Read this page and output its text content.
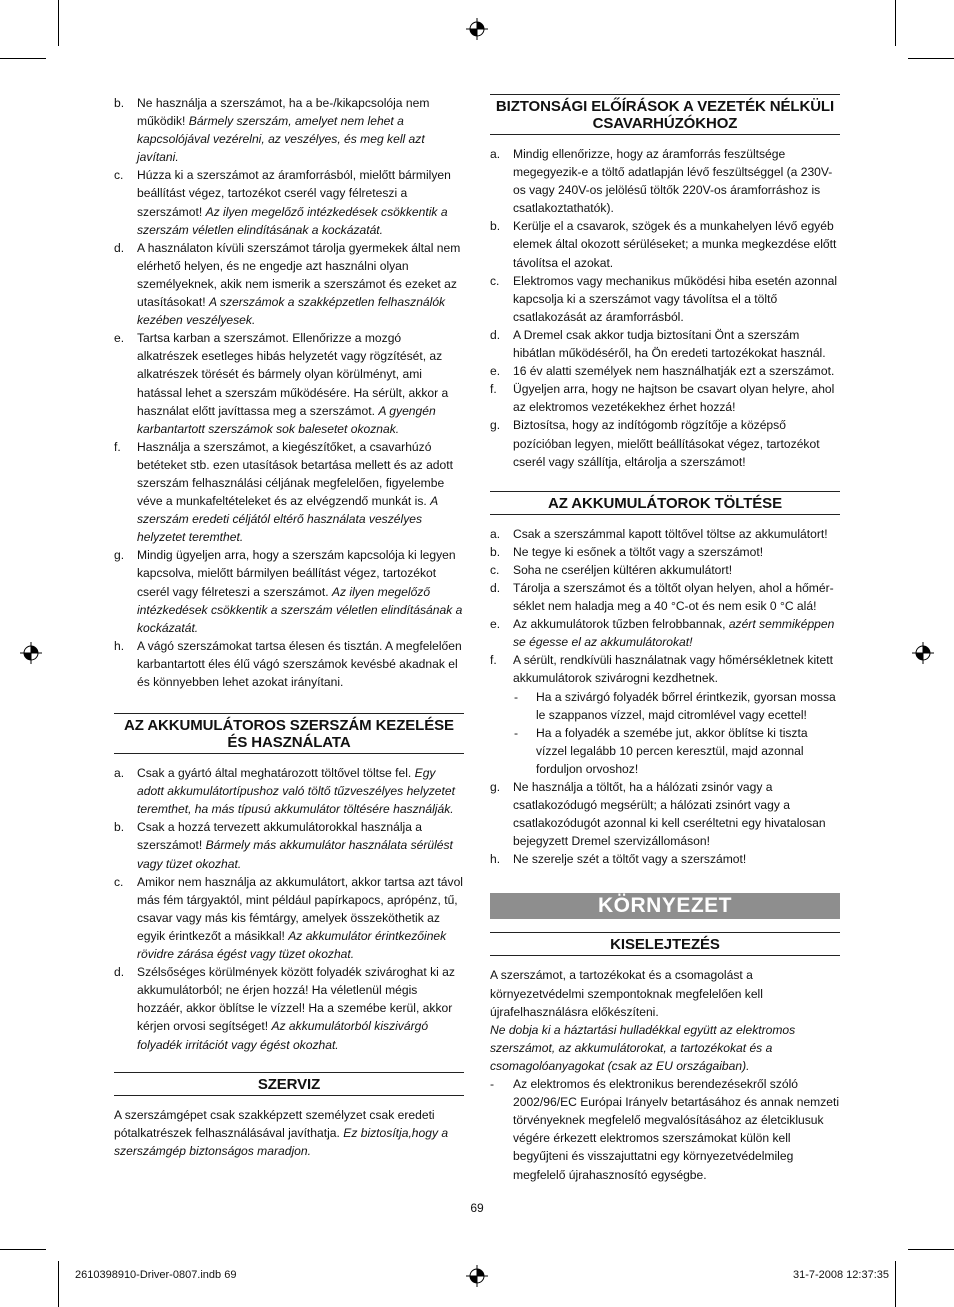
b. Ne használja a szerszámot, ha a be-/kikapcsolója nem működik! Bármely szerszám, amelyet nem lehet a kapcsolójával vezérelni, az veszélyes, és meg kell azt javítani.
c. Húzza ki a szerszámot az áramforrásból, mielőtt bármilyen beállítást végez, tartozékot cserél vagy félreteszi a szerszámot! Az ilyen megelőző intézkedések csökkentik a szerszám véletlen elindításának a kockázatát.
d. A használaton kívüli szerszámot tárolja gyermekek által nem elérhető helyen, és ne engedje azt használni olyan személyeknek, akik nem ismerik a szerszámot és ezeket az utasításokat! A szerszámok a szakképzetlen felhasználók kezében veszélyesek.
e. Tartsa karban a szerszámot. Ellenőrizze a mozgó alkatrészek esetleges hibás helyzetét vagy rögzítését, az alkatrészek törését és bármely olyan körülményt, ami hatással lehet a szerszám működésére. Ha sérült, akkor a használat előtt javíttassa meg a szerszámot. A gyengén karbantartott szerszámok sok balesetet okoznak.
f. Használja a szerszámot, a kiegészítőket, a csavarhúzó betéteket stb. ezen utasítások betartása mellett és az adott szerszám felhasználási céljának megfelelően, figyelembe véve a munkafeltételeket és az elvégzendő munkát is. A szerszám eredeti céljától eltérő használata veszélyes helyzetet teremthet.
g. Mindig ügyeljen arra, hogy a szerszám kapcsolója ki legyen kapcsolva, mielőtt bármilyen beállítást végez, tartozékot cserél vagy félreteszi a szerszámot. Az ilyen megelőző intézkedések csökkentik a szerszám véletlen elindításának a kockázatát.
h. A vágó szerszámokat tartsa élesen és tisztán. A megfelelően karbantartott éles élű vágó szerszámok kevésbé akadnak el és könnyebben lehet azokat irányítani.
AZ AKKUMULÁTOROS SZERSZÁM KEZELÉSE ÉS HASZNÁLATA
a. Csak a gyártó által meghatározott töltővel töltse fel. Egy adott akkumulátortípushoz való töltő tűzveszélyes helyzetet teremthet, ha más típusú akkumulátor töltésére használják.
b. Csak a hozzá tervezett akkumulátorokkal használja a szerszámot! Bármely más akkumulátor használata sérülést vagy tüzet okozhat.
c. Amikor nem használja az akkumulátort, akkor tartsa azt távol más fém tárgyaktól, mint például papírkapocs, aprópénz, tű, csavar vagy más kis fémtárgy, amelyek összeköthetik az egyik érintkezőt a másikkal! Az akkumulátor érintkezőinek rövidre zárása égést vagy tüzet okozhat.
d. Szélsőséges körülmények között folyadék szivároghat ki az akkumulátorból; ne érjen hozzá! Ha véletlenül mégis hozzáér, akkor öblítse le vízzel! Ha a szemébe kerül, akkor kérjen orvosi segítséget! Az akkumulátorból kiszivárgó folyadék irritációt vagy égést okozhat.
SZERVIZ

A szerszámgépet csak szakképzett személyzet csak eredeti pótalkatrészek felhasználásával javíthatja. Ez biztosítja,hogy a szerszámgép biztonságos maradjon.

BIZTONSÁGI ELŐÍRÁSOK A VEZETÉK NÉLKÜLI CSAVARHÚZÓKHOZ
a. Mindig ellenőrizze, hogy az áramforrás feszültsége megegyezik-e a töltő adatlapján lévő feszültséggel (a 230V-os vagy 240V-os jelölésű töltők 220V-os áramforráshoz is csatlakoztathatók).
b. Kerülje el a csavarok, szögek és a munkahelyen lévő egyéb elemek által okozott sérüléseket; a munka megkezdése előtt távolítsa el azokat.
c. Elektromos vagy mechanikus működési hiba esetén azonnal kapcsolja ki a szerszámot vagy távolítsa el a töltő csatlakozását az áramforrásból.
d. A Dremel csak akkor tudja biztosítani Önt a szerszám hibátlan működéséről, ha Ön eredeti tartozékokat használ.
e. 16 év alatti személyek nem használhatják ezt a szerszámot.
f. Ügyeljen arra, hogy ne hajtson be csavart olyan helyre, ahol az elektromos vezetékekhez érhet hozzá!
g. Biztosítsa, hogy az indítógomb rögzítője a középső pozícióban legyen, mielőtt beállításokat végez, tartozékot cserél vagy szállítja, eltárolja a szerszámot!
AZ AKKUMULÁTOROK TÖLTÉSE
a. Csak a szerszámmal kapott töltővel töltse az akkumulátort!
b. Ne tegye ki esőnek a töltőt vagy a szerszámot!
c. Soha ne cseréljen kültéren akkumulátort!
d. Tárolja a szerszámot és a töltőt olyan helyen, ahol a hőmér-séklet nem haladja meg a 40 °C-ot és nem esik 0 °C alá!
e. Az akkumulátorok tűzben felrobbannak, azért semmiképpen se égesse el az akkumulátorokat!
f. A sérült, rendkívüli használatnak vagy hőmérsékletnek kitett akkumulátorok szivárogni kezdhetnek.
- Ha a szivárgó folyadék bőrrel érintkezik, gyorsan mossa le szappanos vízzel, majd citromlével vagy ecettel!
- Ha a folyadék a szemébe jut, akkor öblítse ki tiszta vízzel legalább 10 percen keresztül, majd azonnal forduljon orvoshoz!
g. Ne használja a töltőt, ha a hálózati zsinór vagy a csatlakozódugó megsérült; a hálózati zsinórt vagy a csatlakozódugót azonnal ki kell cseréltetni egy hivatalosan bejegyzett Dremel szervizállomáson!
h. Ne szerelje szét a töltőt vagy a szerszámot!
KÖRNYEZET
KISELEJTEZÉS

A szerszámot, a tartozékokat és a csomagolást a környezetvédelmi szempontoknak megfelelően kell újrafelhasználásra előkészíteni.

Ne dobja ki a háztartási hulladékkal együtt az elektromos szerszámot, az akkumulátorokat, a tartozékokat és a csomagolóanyagokat (csak az EU országaiban).

- Az elektromos és elektronikus berendezésekről szóló 2002/96/EC Európai Irányelv betartásához és annak nemzeti törvényeknek megfelelő megvalósításához az életciklusuk végére érkezett elektromos szerszámokat külön kell begyűjteni és visszajuttatni egy környezetvédelmileg megfelelő újrahasznosító egységbe.
69
2610398910-Driver-0807.indb 69	31-7-2008 12:37:35
